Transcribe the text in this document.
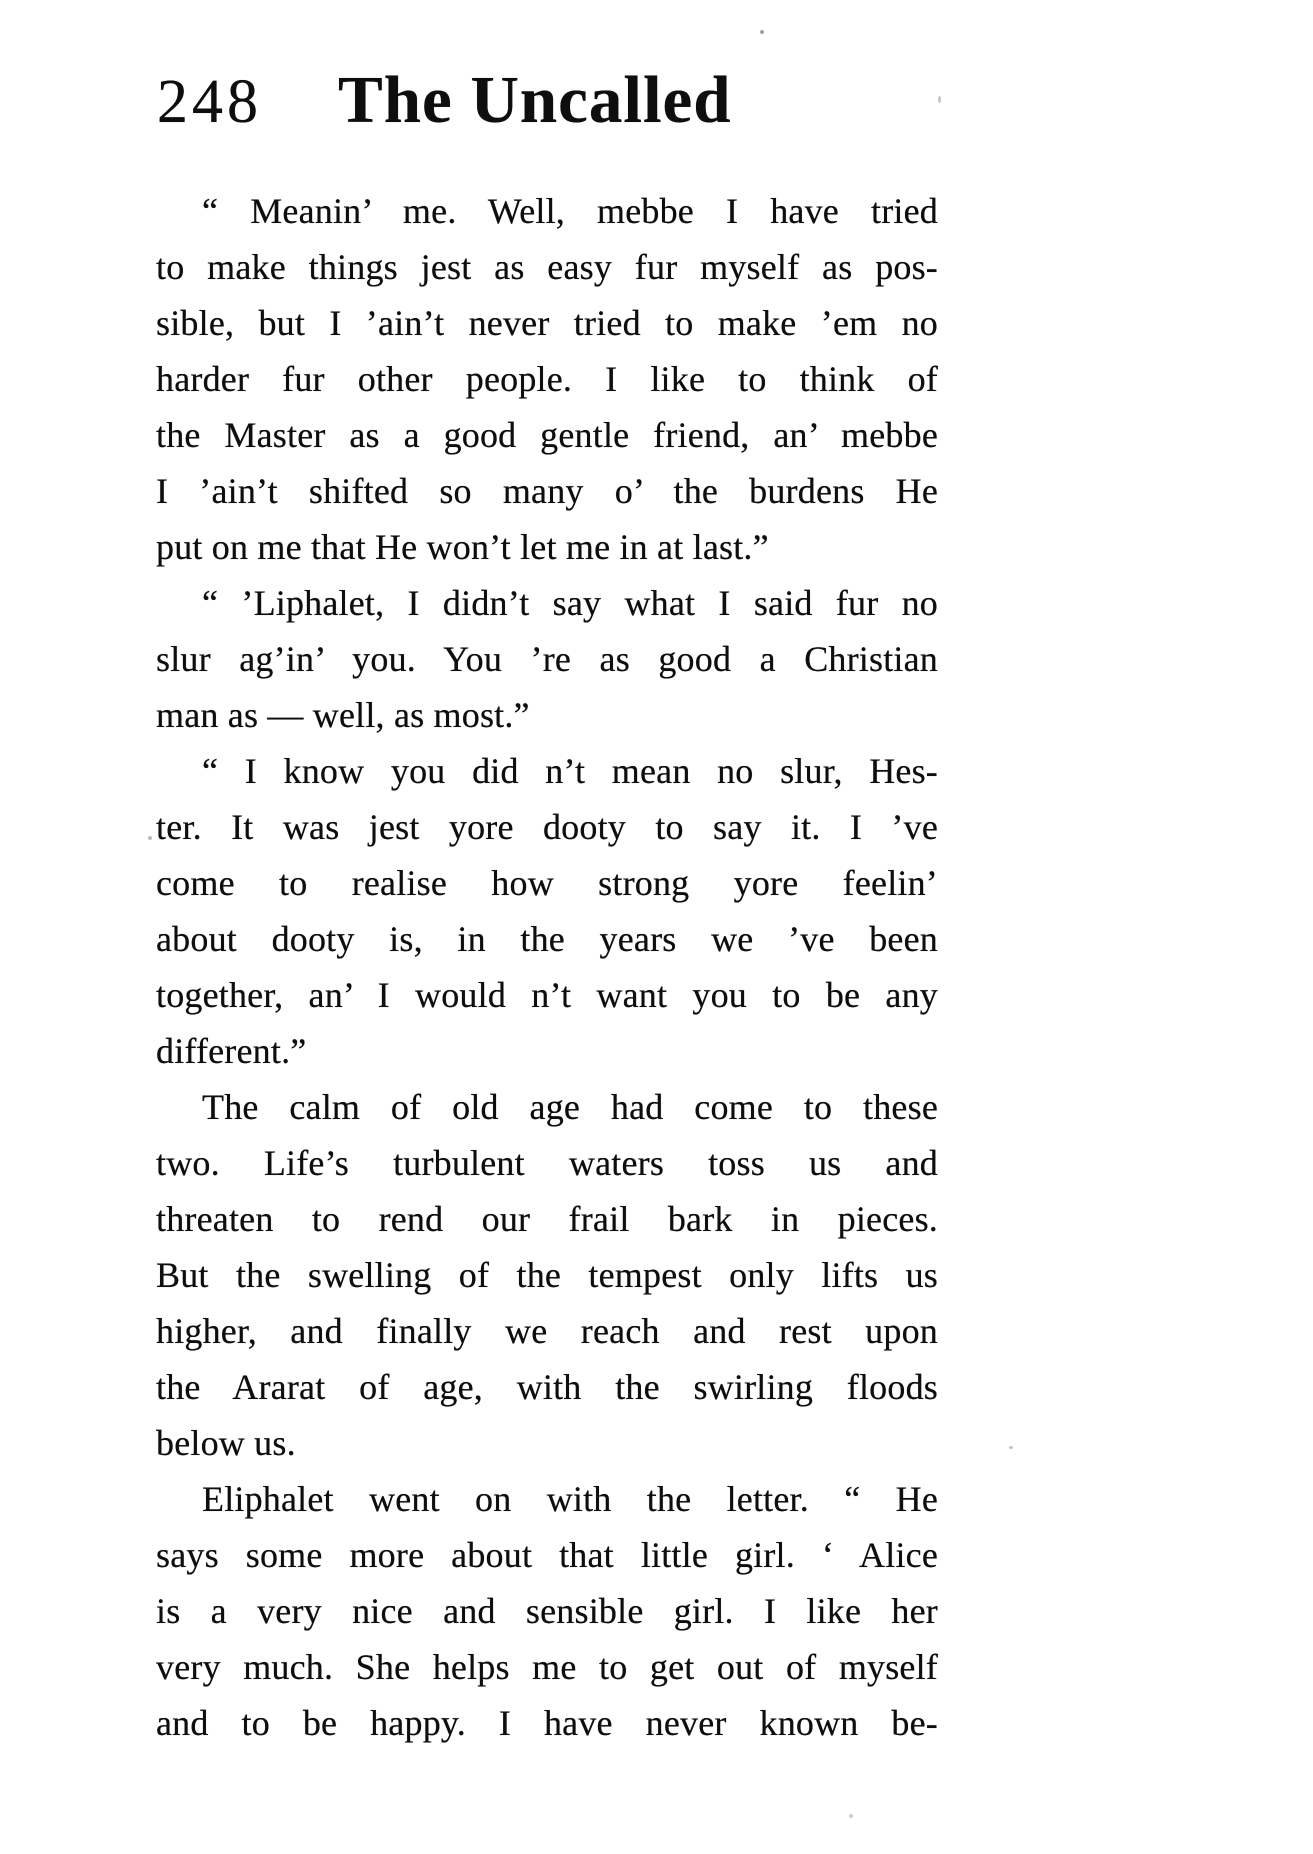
248 The Uncalled

“ Meanin’ me. Well, mebbe I have tried
to make things jest as easy fur myself as pos-
sible, but I ’ain’t never tried to make ’em no
harder fur other people. I like to think of
the Master as a good gentle friend, an’ mebbe
I ’ain’t shifted so many o’ the burdens He
put on me that He won’t let me in at last.”

“ ’Liphalet, I didn’t say what I said fur no
slur ag’in’ you. You ’re as good a Christian
man as — well, as most.”

“ I know you did n’t mean no slur, Hes-
ter. It was jest yore dooty to say it. I ’ve
come to realise how strong yore feelin’
about dooty is, in the years we ’ve been
together, an’ I would n’t want you to be any
different.”

The calm of old age had come to these
two. Life’s turbulent waters toss us and
threaten to rend our frail bark in pieces.
But the swelling of the tempest only lifts us
higher, and finally we reach and rest upon
the Ararat of age, with the swirling floods
below us.

Eliphalet went on with the letter. “ He
says some more about that little girl. ‘ Alice
is a very nice and sensible girl. I like her
very much. She helps me to get out of myself
and to be happy. I have never known be-
